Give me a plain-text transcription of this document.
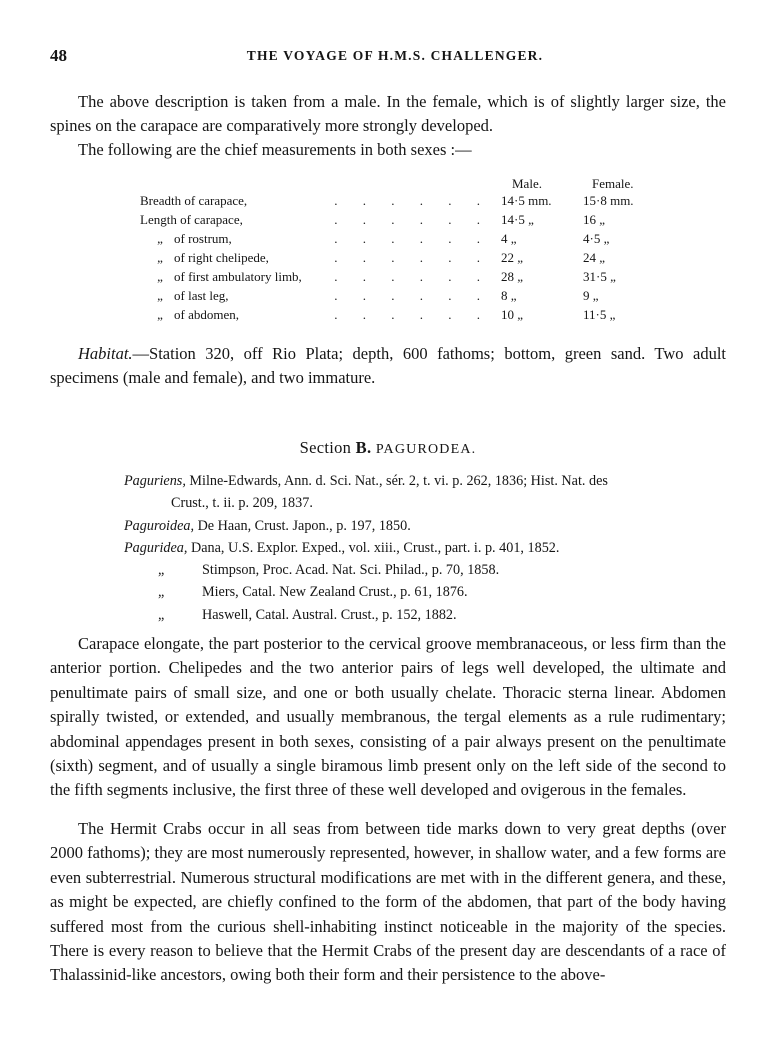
48	THE VOYAGE OF H.M.S. CHALLENGER.
The above description is taken from a male. In the female, which is of slightly larger size, the spines on the carapace are comparatively more strongly developed.
The following are the chief measurements in both sexes :—
Male.	Female.
Breadth of carapace,	. . . . . . 14·5 mm.	15·8 mm.
Length of carapace,	. . . . . . 14·5 „	16 „
„ of rostrum,	. . . . . . 4 „	4·5 „
„ of right chelipede,	. . . . . . 22 „	24 „
„ of first ambulatory limb,	. . . . . . 28 „	31·5 „
„ of last leg,	. . . . . . 8 „	9 „
„ of abdomen,	. . . . . . 10 „	11·5 „
Habitat.—Station 320, off Rio Plata; depth, 600 fathoms; bottom, green sand. Two adult specimens (male and female), and two immature.
Section B. PAGURODEA.
Paguriens, Milne-Edwards, Ann. d. Sci. Nat., sér. 2, t. vi. p. 262, 1836; Hist. Nat. des
Crust., t. ii. p. 209, 1837.
Paguroidea, De Haan, Crust. Japon., p. 197, 1850.
Paguridea, Dana, U.S. Explor. Exped., vol. xiii., Crust., part. i. p. 401, 1852.
„	Stimpson, Proc. Acad. Nat. Sci. Philad., p. 70, 1858.
„	Miers, Catal. New Zealand Crust., p. 61, 1876.
„	Haswell, Catal. Austral. Crust., p. 152, 1882.
Carapace elongate, the part posterior to the cervical groove membranaceous, or less firm than the anterior portion. Chelipedes and the two anterior pairs of legs well developed, the ultimate and penultimate pairs of small size, and one or both usually chelate. Thoracic sterna linear. Abdomen spirally twisted, or extended, and usually membranous, the tergal elements as a rule rudimentary; abdominal appendages present in both sexes, consisting of a pair always present on the penultimate (sixth) segment, and of usually a single biramous limb present only on the left side of the second to the fifth segments inclusive, the first three of these well developed and ovigerous in the females.
The Hermit Crabs occur in all seas from between tide marks down to very great depths (over 2000 fathoms); they are most numerously represented, however, in shallow water, and a few forms are even subterrestrial. Numerous structural modifications are met with in the different genera, and these, as might be expected, are chiefly confined to the form of the abdomen, that part of the body having suffered most from the curious shell-inhabiting instinct noticeable in the majority of the species. There is every reason to believe that the Hermit Crabs of the present day are descendants of a race of Thalassinid-like ancestors, owing both their form and their persistence to the above-
